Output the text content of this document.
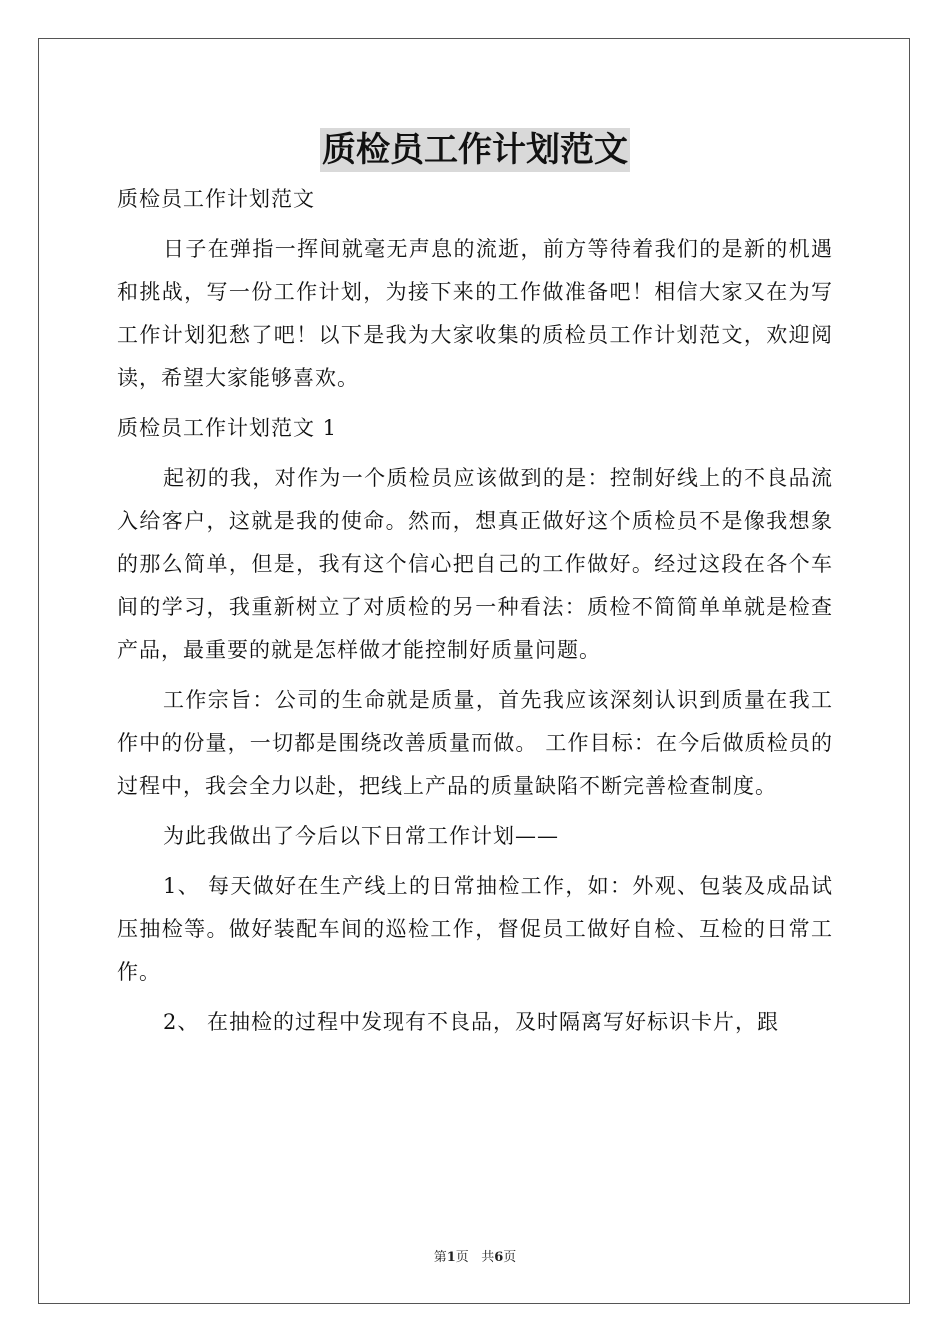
质检员工作计划范文

质检员工作计划范文

日子在弹指一挥间就毫无声息的流逝，前方等待着我们的是新的机遇和挑战，写一份工作计划，为接下来的工作做准备吧！相信大家又在为写工作计划犯愁了吧！以下是我为大家收集的质检员工作计划范文，欢迎阅读，希望大家能够喜欢。

质检员工作计划范文 1

起初的我，对作为一个质检员应该做到的是：控制好线上的不良品流入给客户，这就是我的使命。然而，想真正做好这个质检员不是像我想象的那么简单，但是，我有这个信心把自己的工作做好。经过这段在各个车间的学习，我重新树立了对质检的另一种看法：质检不简简单单就是检查产品，最重要的就是怎样做才能控制好质量问题。

工作宗旨：公司的生命就是质量，首先我应该深刻认识到质量在我工作中的份量，一切都是围绕改善质量而做。 工作目标：在今后做质检员的过程中，我会全力以赴，把线上产品的质量缺陷不断完善检查制度。

为此我做出了今后以下日常工作计划——

1、 每天做好在生产线上的日常抽检工作，如：外观、包装及成品试压抽检等。做好装配车间的巡检工作，督促员工做好自检、互检的日常工作。

2、 在抽检的过程中发现有不良品，及时隔离写好标识卡片，跟

第1页 共6页
